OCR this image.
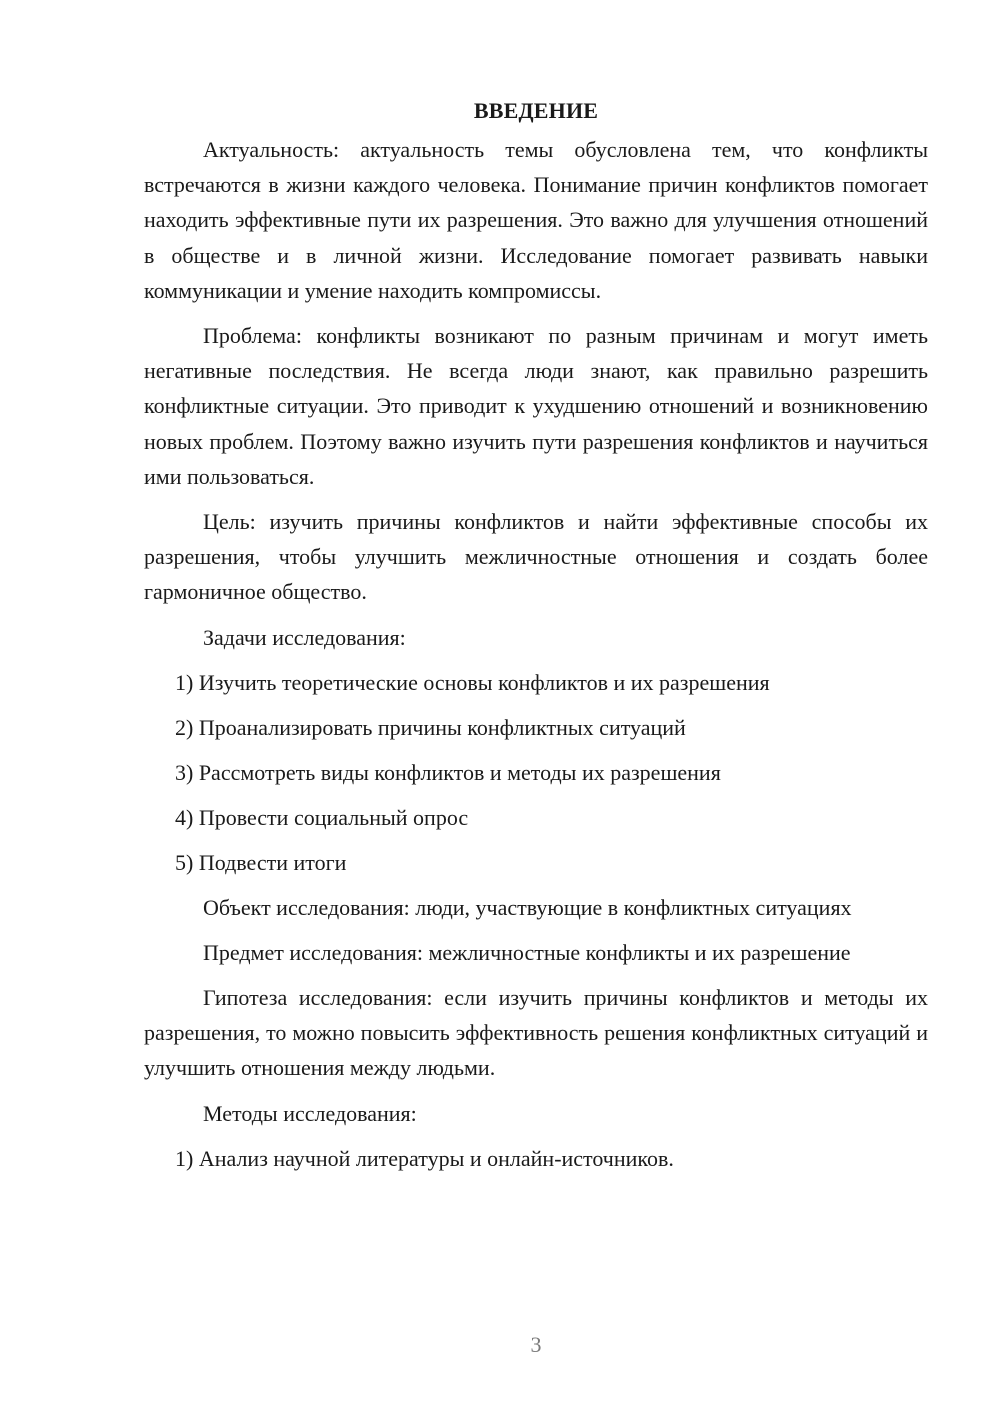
ВВЕДЕНИЕ

Актуальность: актуальность темы обусловлена тем, что конфликты встречаются в жизни каждого человека. Понимание причин конфликтов помогает находить эффективные пути их разрешения. Это важно для улучшения отношений в обществе и в личной жизни. Исследование помогает развивать навыки коммуникации и умение находить компромиссы.

Проблема: конфликты возникают по разным причинам и могут иметь негативные последствия. Не всегда люди знают, как правильно разрешить конфликтные ситуации. Это приводит к ухудшению отношений и возникновению новых проблем. Поэтому важно изучить пути разрешения конфликтов и научиться ими пользоваться.

Цель: изучить причины конфликтов и найти эффективные способы их разрешения, чтобы улучшить межличностные отношения и создать более гармоничное общество.

Задачи исследования:

1) Изучить теоретические основы конфликтов и их разрешения
2) Проанализировать причины конфликтных ситуаций
3) Рассмотреть виды конфликтов и методы их разрешения
4) Провести социальный опрос
5) Подвести итоги

Объект исследования: люди, участвующие в конфликтных ситуациях

Предмет исследования: межличностные конфликты и их разрешение

Гипотеза исследования: если изучить причины конфликтов и методы их разрешения, то можно повысить эффективность решения конфликтных ситуаций и улучшить отношения между людьми.

Методы исследования:

1) Анализ научной литературы и онлайн-источников.
3
